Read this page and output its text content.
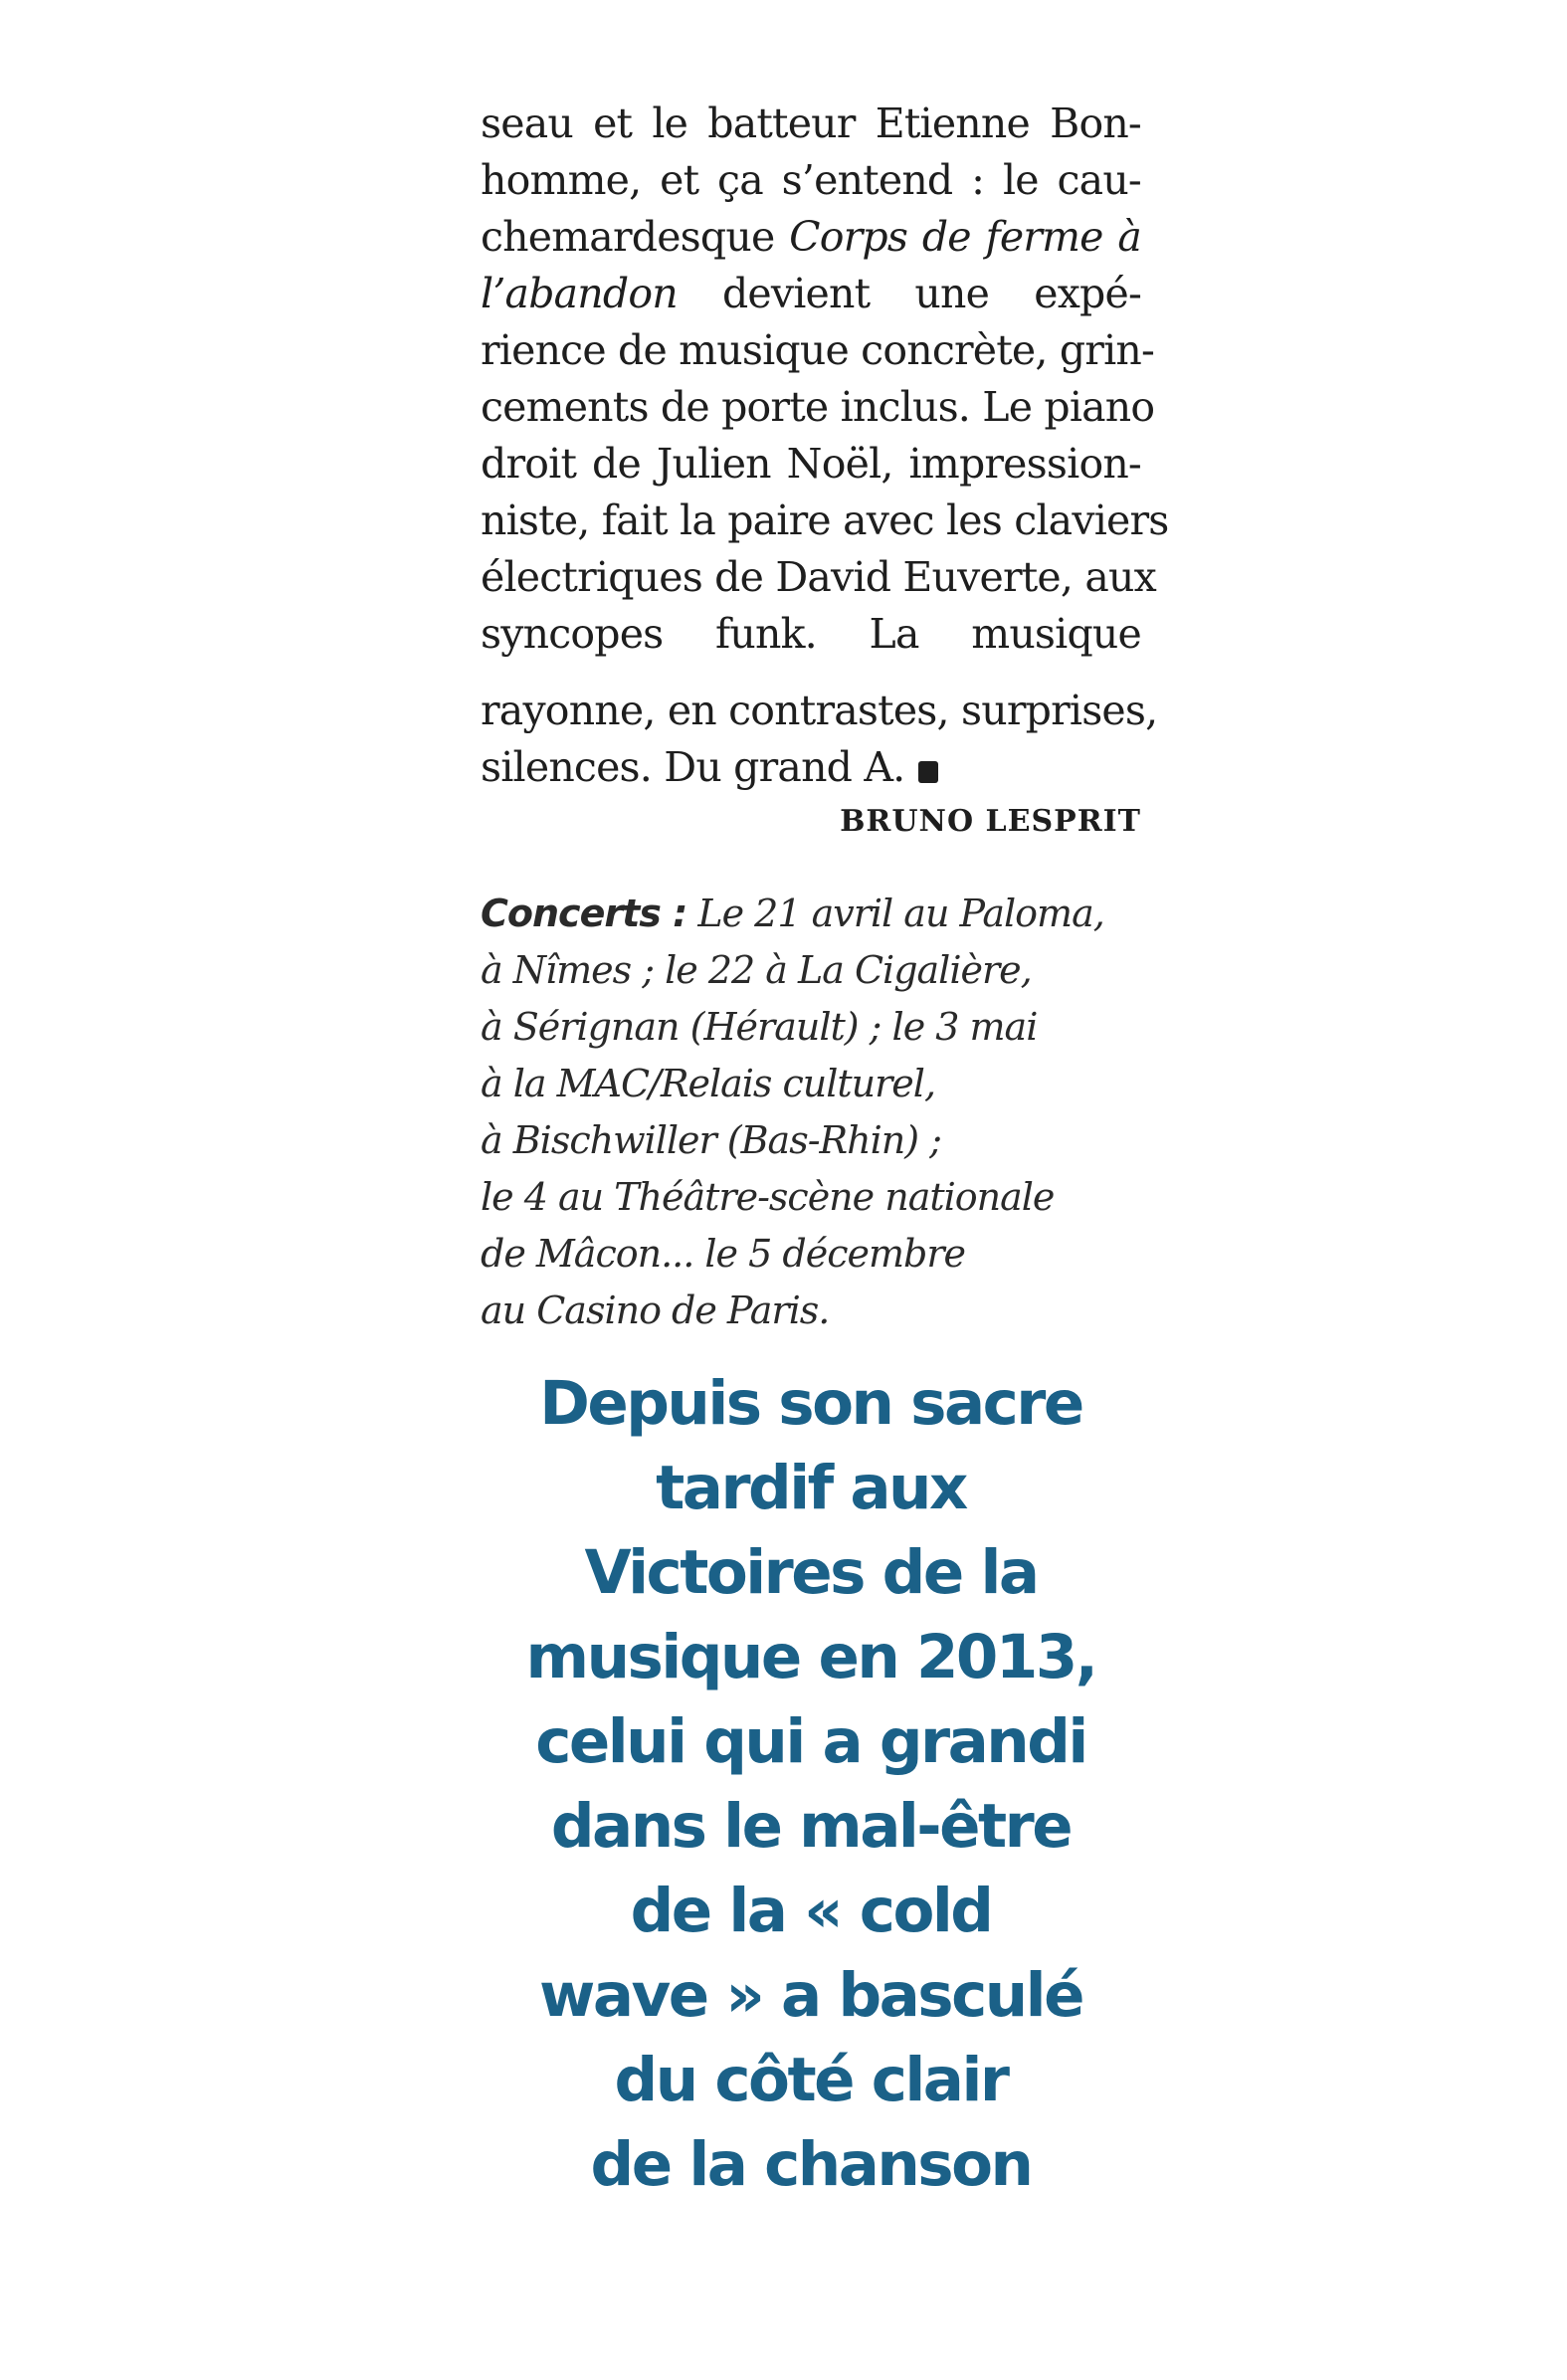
seau et le batteur Etienne Bon-
homme, et ça s’entend : le cau-
chemardesque Corps de ferme à
l’abandon devient une expé-
rience de musique concrète, grin-
cements de porte inclus. Le piano
droit de Julien Noël, impression-
niste, fait la paire avec les claviers
électriques de David Euverte, aux
syncopes funk. La musique
rayonne, en contrastes, surprises,
silences. Du grand A.
BRUNO LESPRIT
Concerts : Le 21 avril au Paloma,
à Nîmes ; le 22 à La Cigalière,
à Sérignan (Hérault) ; le 3 mai
à la MAC/Relais culturel,
à Bischwiller (Bas-Rhin) ;
le 4 au Théâtre-scène nationale
de Mâcon... le 5 décembre
au Casino de Paris.
Depuis son sacre
tardif aux
Victoires de la
musique en 2013,
celui qui a grandi
dans le mal-être
de la « cold
wave » a basculé
du côté clair
de la chanson
